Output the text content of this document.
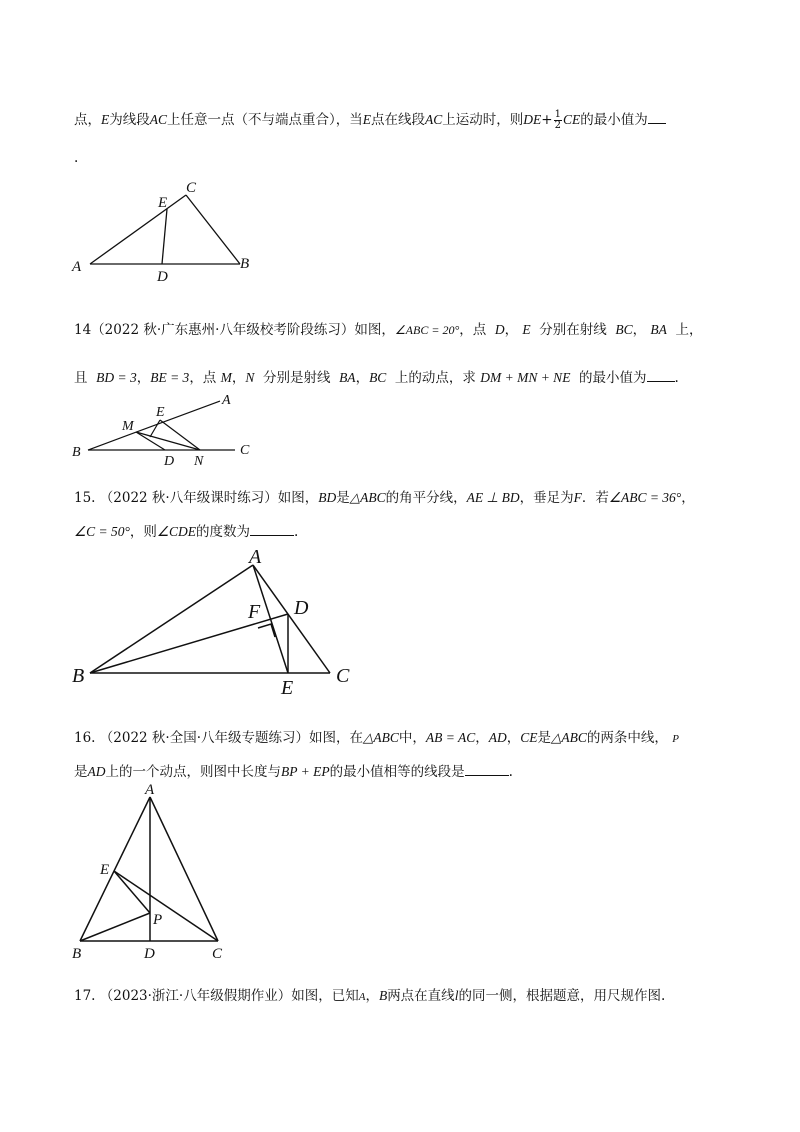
点，E为线段AC上任意一点（不与端点重合），当E点在线段AC上运动时，则$DE+ \frac{1}{2}$ CE的最小值为
.
A	B
C
D
E
14（2022 秋·广东惠州·八年级校考阶段练习）如图，∠ABC = 20°，点 D， E 分别在射线 BC， BA 上，
且 BD = 3，BE = 3，点 M，N 分别是射线 BA，BC 上的动点，求 DM + MN + NE 的最小值为 .
B	C
A
E
M
D N
15. （2022 秋·八年级课时练习）如图，BD是△ABC的角平分线，AE ⊥ BD，垂足为F．若∠ABC = 36°，
∠C = 50°，则∠CDE的度数为	.
B	C
A
D
F
E
16. （2022 秋·全国·八年级专题练习）如图，在△ABC中，AB = AC，AD，CE是△ABC的两条中线， P
是AD上的一个动点，则图中长度与BP + EP的最小值相等的线段是	.
A
B	C
D
E
P
17. （2023·浙江·八年级假期作业）如图，已知A，B两点在直线l的同一侧，根据题意，用尺规作图.
